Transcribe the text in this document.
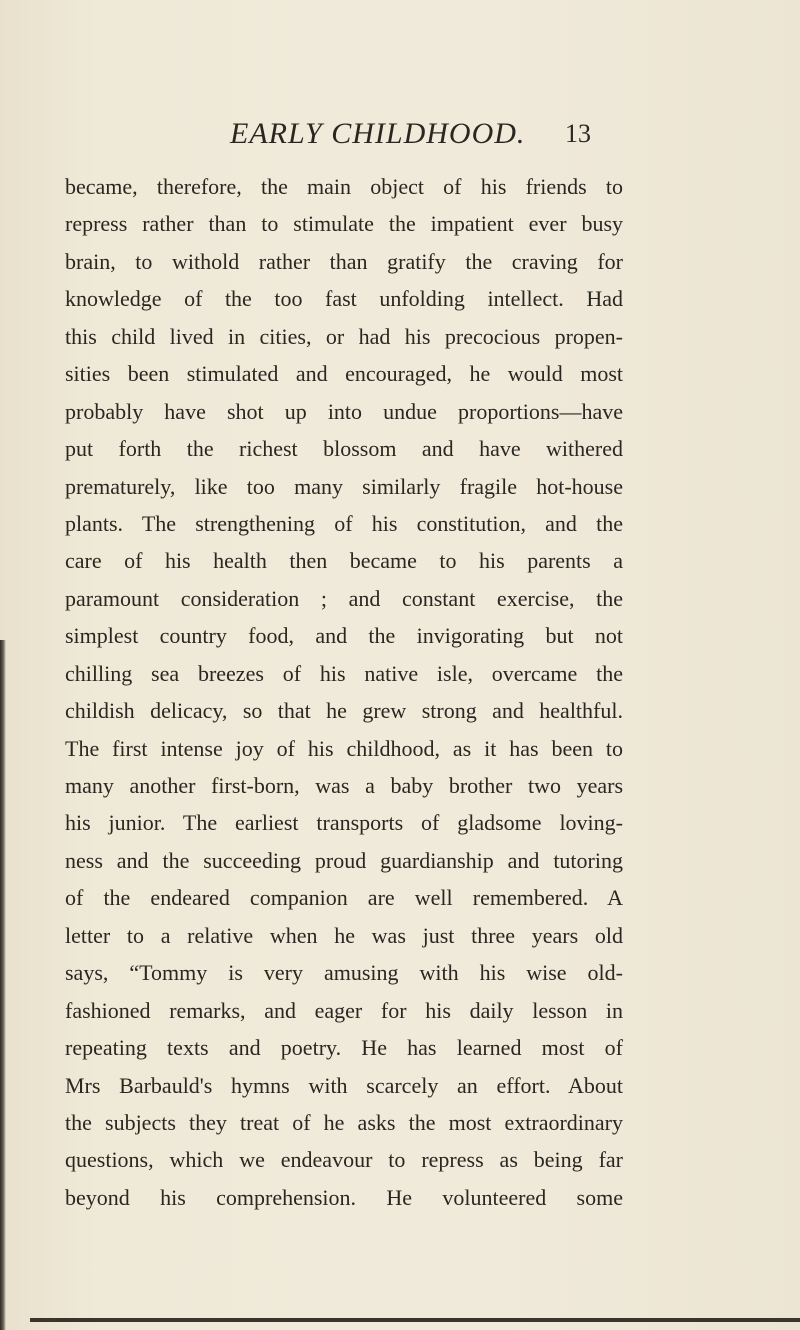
EARLY CHILDHOOD. 13
became, therefore, the main object of his friends to
repress rather than to stimulate the impatient ever busy
brain, to withold rather than gratify the craving for
knowledge of the too fast unfolding intellect. Had
this child lived in cities, or had his precocious propen-
sities been stimulated and encouraged, he would most
probably have shot up into undue proportions—have
put forth the richest blossom and have withered
prematurely, like too many similarly fragile hot-house
plants. The strengthening of his constitution, and the
care of his health then became to his parents a
paramount consideration ; and constant exercise, the
simplest country food, and the invigorating but not
chilling sea breezes of his native isle, overcame the
childish delicacy, so that he grew strong and healthful.
The first intense joy of his childhood, as it has been to
many another first-born, was a baby brother two years
his junior. The earliest transports of gladsome loving-
ness and the succeeding proud guardianship and tutoring
of the endeared companion are well remembered. A
letter to a relative when he was just three years old
says, “Tommy is very amusing with his wise old-
fashioned remarks, and eager for his daily lesson in
repeating texts and poetry. He has learned most of
Mrs Barbauld's hymns with scarcely an effort. About
the subjects they treat of he asks the most extraordinary
questions, which we endeavour to repress as being far
beyond his comprehension. He volunteered some
